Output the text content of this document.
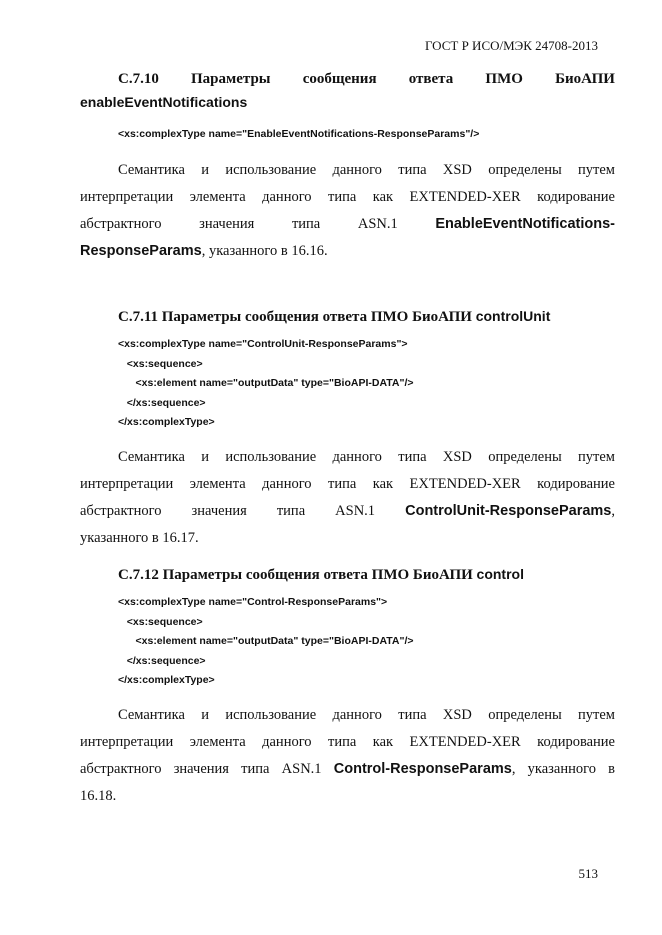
ГОСТ Р ИСО/МЭК 24708-2013
С.7.10 Параметры сообщения ответа ПМО БиоАПИ
enableEventNotifications
<xs:complexType name="EnableEventNotifications-ResponseParams"/>
Семантика и использование данного типа XSD определены путем
интерпретации элемента данного типа как EXTENDED-XER кодирование
абстрактного значения типа ASN.1	EnableEventNotifications-
ResponseParams, указанного в 16.16.
С.7.11 Параметры сообщения ответа ПМО БиоАПИ controlUnit
<xs:complexType name="ControlUnit-ResponseParams">
<xs:sequence>
<xs:element name="outputData" type="BioAPI-DATA"/>
</xs:sequence>
</xs:complexType>
Семантика и использование данного типа XSD определены путем
интерпретации элемента данного типа как EXTENDED-XER кодирование
абстрактного значения типа ASN.1 ControlUnit-ResponseParams,
указанного в 16.17.
С.7.12 Параметры сообщения ответа ПМО БиоАПИ control
<xs:complexType name="Control-ResponseParams">
<xs:sequence>
<xs:element name="outputData" type="BioAPI-DATA"/>
</xs:sequence>
</xs:complexType>
Семантика и использование данного типа XSD определены путем
интерпретации элемента данного типа как EXTENDED-XER кодирование
абстрактного значения типа ASN.1 Control-ResponseParams, указанного в
16.18.
513
